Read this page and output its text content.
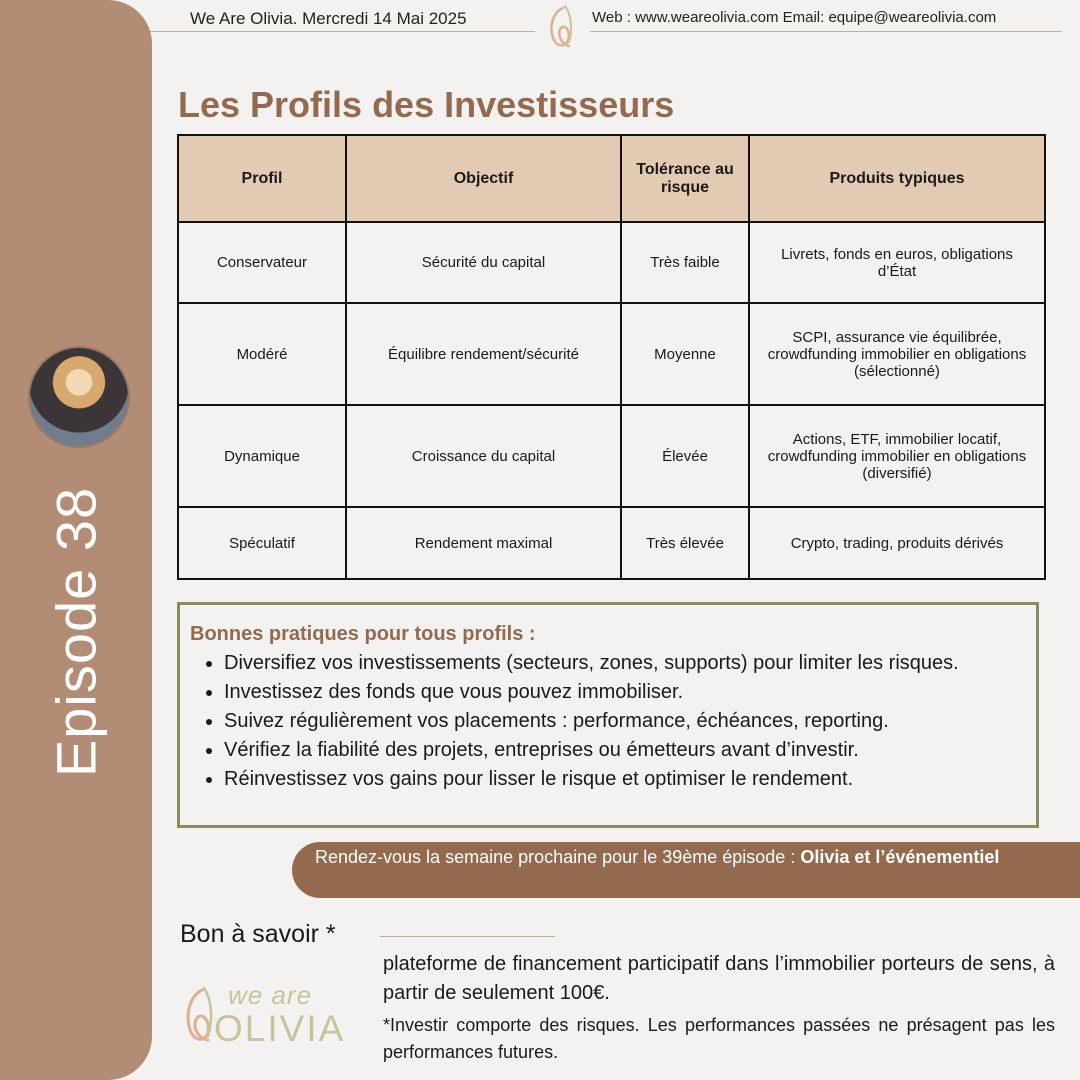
Episode 38
We Are Olivia. Mercredi 14 Mai 2025	Web : www.weareolivia.com Email: equipe@weareolivia.com
Les Profils des Investisseurs
Profil	Objectif	Tolérance au risque	Produits typiques
Conservateur	Sécurité du capital	Très faible	Livrets, fonds en euros, obligations d’État
Modéré	Équilibre rendement/sécurité	Moyenne	SCPI, assurance vie équilibrée, crowdfunding immobilier en obligations (sélectionné)
Dynamique	Croissance du capital	Élevée	Actions, ETF, immobilier locatif, crowdfunding immobilier en obligations (diversifié)
Spéculatif	Rendement maximal	Très élevée	Crypto, trading, produits dérivés
Bonnes pratiques pour tous profils :
• Diversifiez vos investissements (secteurs, zones, supports) pour limiter les risques.
• Investissez des fonds que vous pouvez immobiliser.
• Suivez régulièrement vos placements : performance, échéances, reporting.
• Vérifiez la fiabilité des projets, entreprises ou émetteurs avant d’investir.
• Réinvestissez vos gains pour lisser le risque et optimiser le rendement.
Rendez-vous la semaine prochaine pour le 39ème épisode : Olivia et l’événementiel
Bon à savoir *
we are
OLIVIA
plateforme de financement participatif dans l’immobilier porteurs de sens, à partir de seulement 100€.
*Investir comporte des risques. Les performances passées ne présagent pas les performances futures.
